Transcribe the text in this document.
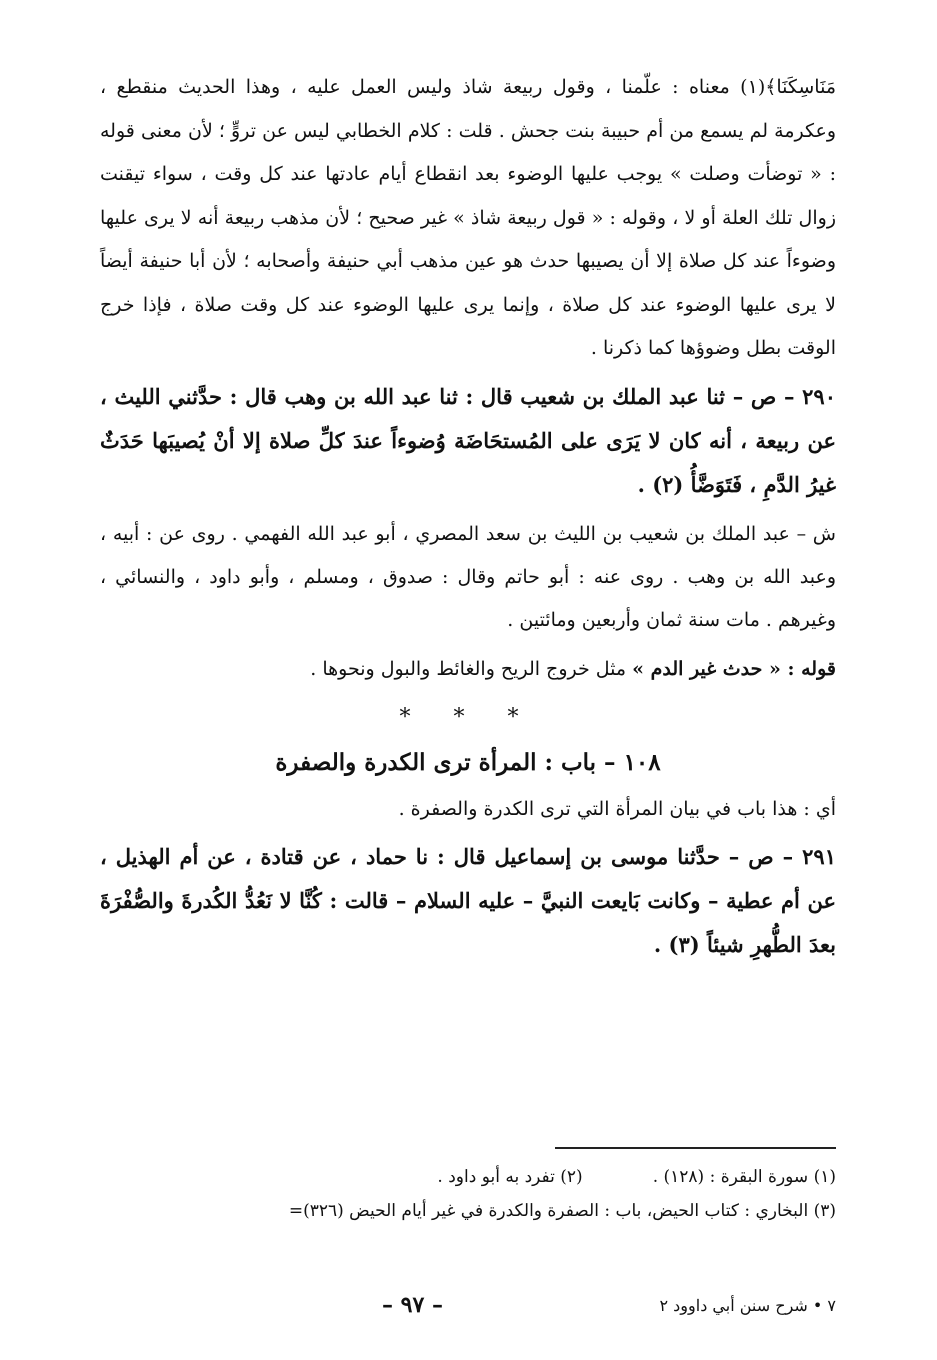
مَنَاسِكَنَا﴾(١) معناه : علّمنا ، وقول ربيعة شاذ وليس العمل عليه ، وهذا الحديث منقطع ، وعكرمة لم يسمع من أم حبيبة بنت جحش . قلت : كلام الخطابي ليس عن تروٍّ ؛ لأن معنى قوله : « توضأت وصلت » يوجب عليها الوضوء بعد انقطاع أيام عادتها عند كل وقت ، سواء تيقنت زوال تلك العلة أو لا ، وقوله : « قول ربيعة شاذ » غير صحيح ؛ لأن مذهب ربيعة أنه لا يرى عليها وضوءاً عند كل صلاة إلا أن يصيبها حدث هو عين مذهب أبي حنيفة وأصحابه ؛ لأن أبا حنيفة أيضاً لا يرى عليها الوضوء عند كل صلاة ، وإنما يرى عليها الوضوء عند كل وقت صلاة ، فإذا خرج الوقت بطل وضوؤها كما ذكرنا .

٢٩٠ – ص – ثنا عبد الملك بن شعيب قال : ثنا عبد الله بن وهب قال : حدَّثني الليث ، عن ربيعة ، أنه كان لا يَرَى على المُستحَاضَة وُضوءاً عندَ كلِّ صلاة إلا أنْ يُصيبَها حَدَثٌ غيرُ الدَّمِ ، فَتَوَضَّأُ (٢) .

ش – عبد الملك بن شعيب بن الليث بن سعد المصري ، أبو عبد الله الفهمي . روى عن : أبيه ، وعبد الله بن وهب . روى عنه : أبو حاتم وقال : صدوق ، ومسلم ، وأبو داود ، والنسائي ، وغيرهم . مات سنة ثمان وأربعين ومائتين .

قوله : « حدث غير الدم » مثل خروج الريح والغائط والبول ونحوها .

* * *
١٠٨ – باب : المرأة ترى الكدرة والصفرة

أي : هذا باب في بيان المرأة التي ترى الكدرة والصفرة .

٢٩١ – ص – حدَّثنا موسى بن إسماعيل قال : نا حماد ، عن قتادة ، عن أم الهذيل ، عن أم عطية – وكانت بَايعت النبيَّ – عليه السلام – قالت : كُنَّا لا نَعُدُّ الكُدرةَ والصُّفْرَةَ بعدَ الطُّهرِ شيئاً (٣) .

(١) سورة البقرة : (١٢٨) .
(٢) تفرد به أبو داود .
(٣) البخاري : كتاب الحيض، باب : الصفرة والكدرة في غير أيام الحيض (٣٢٦)=
٧ • شرح سنن أبي داوود ٢
– ٩٧ –
